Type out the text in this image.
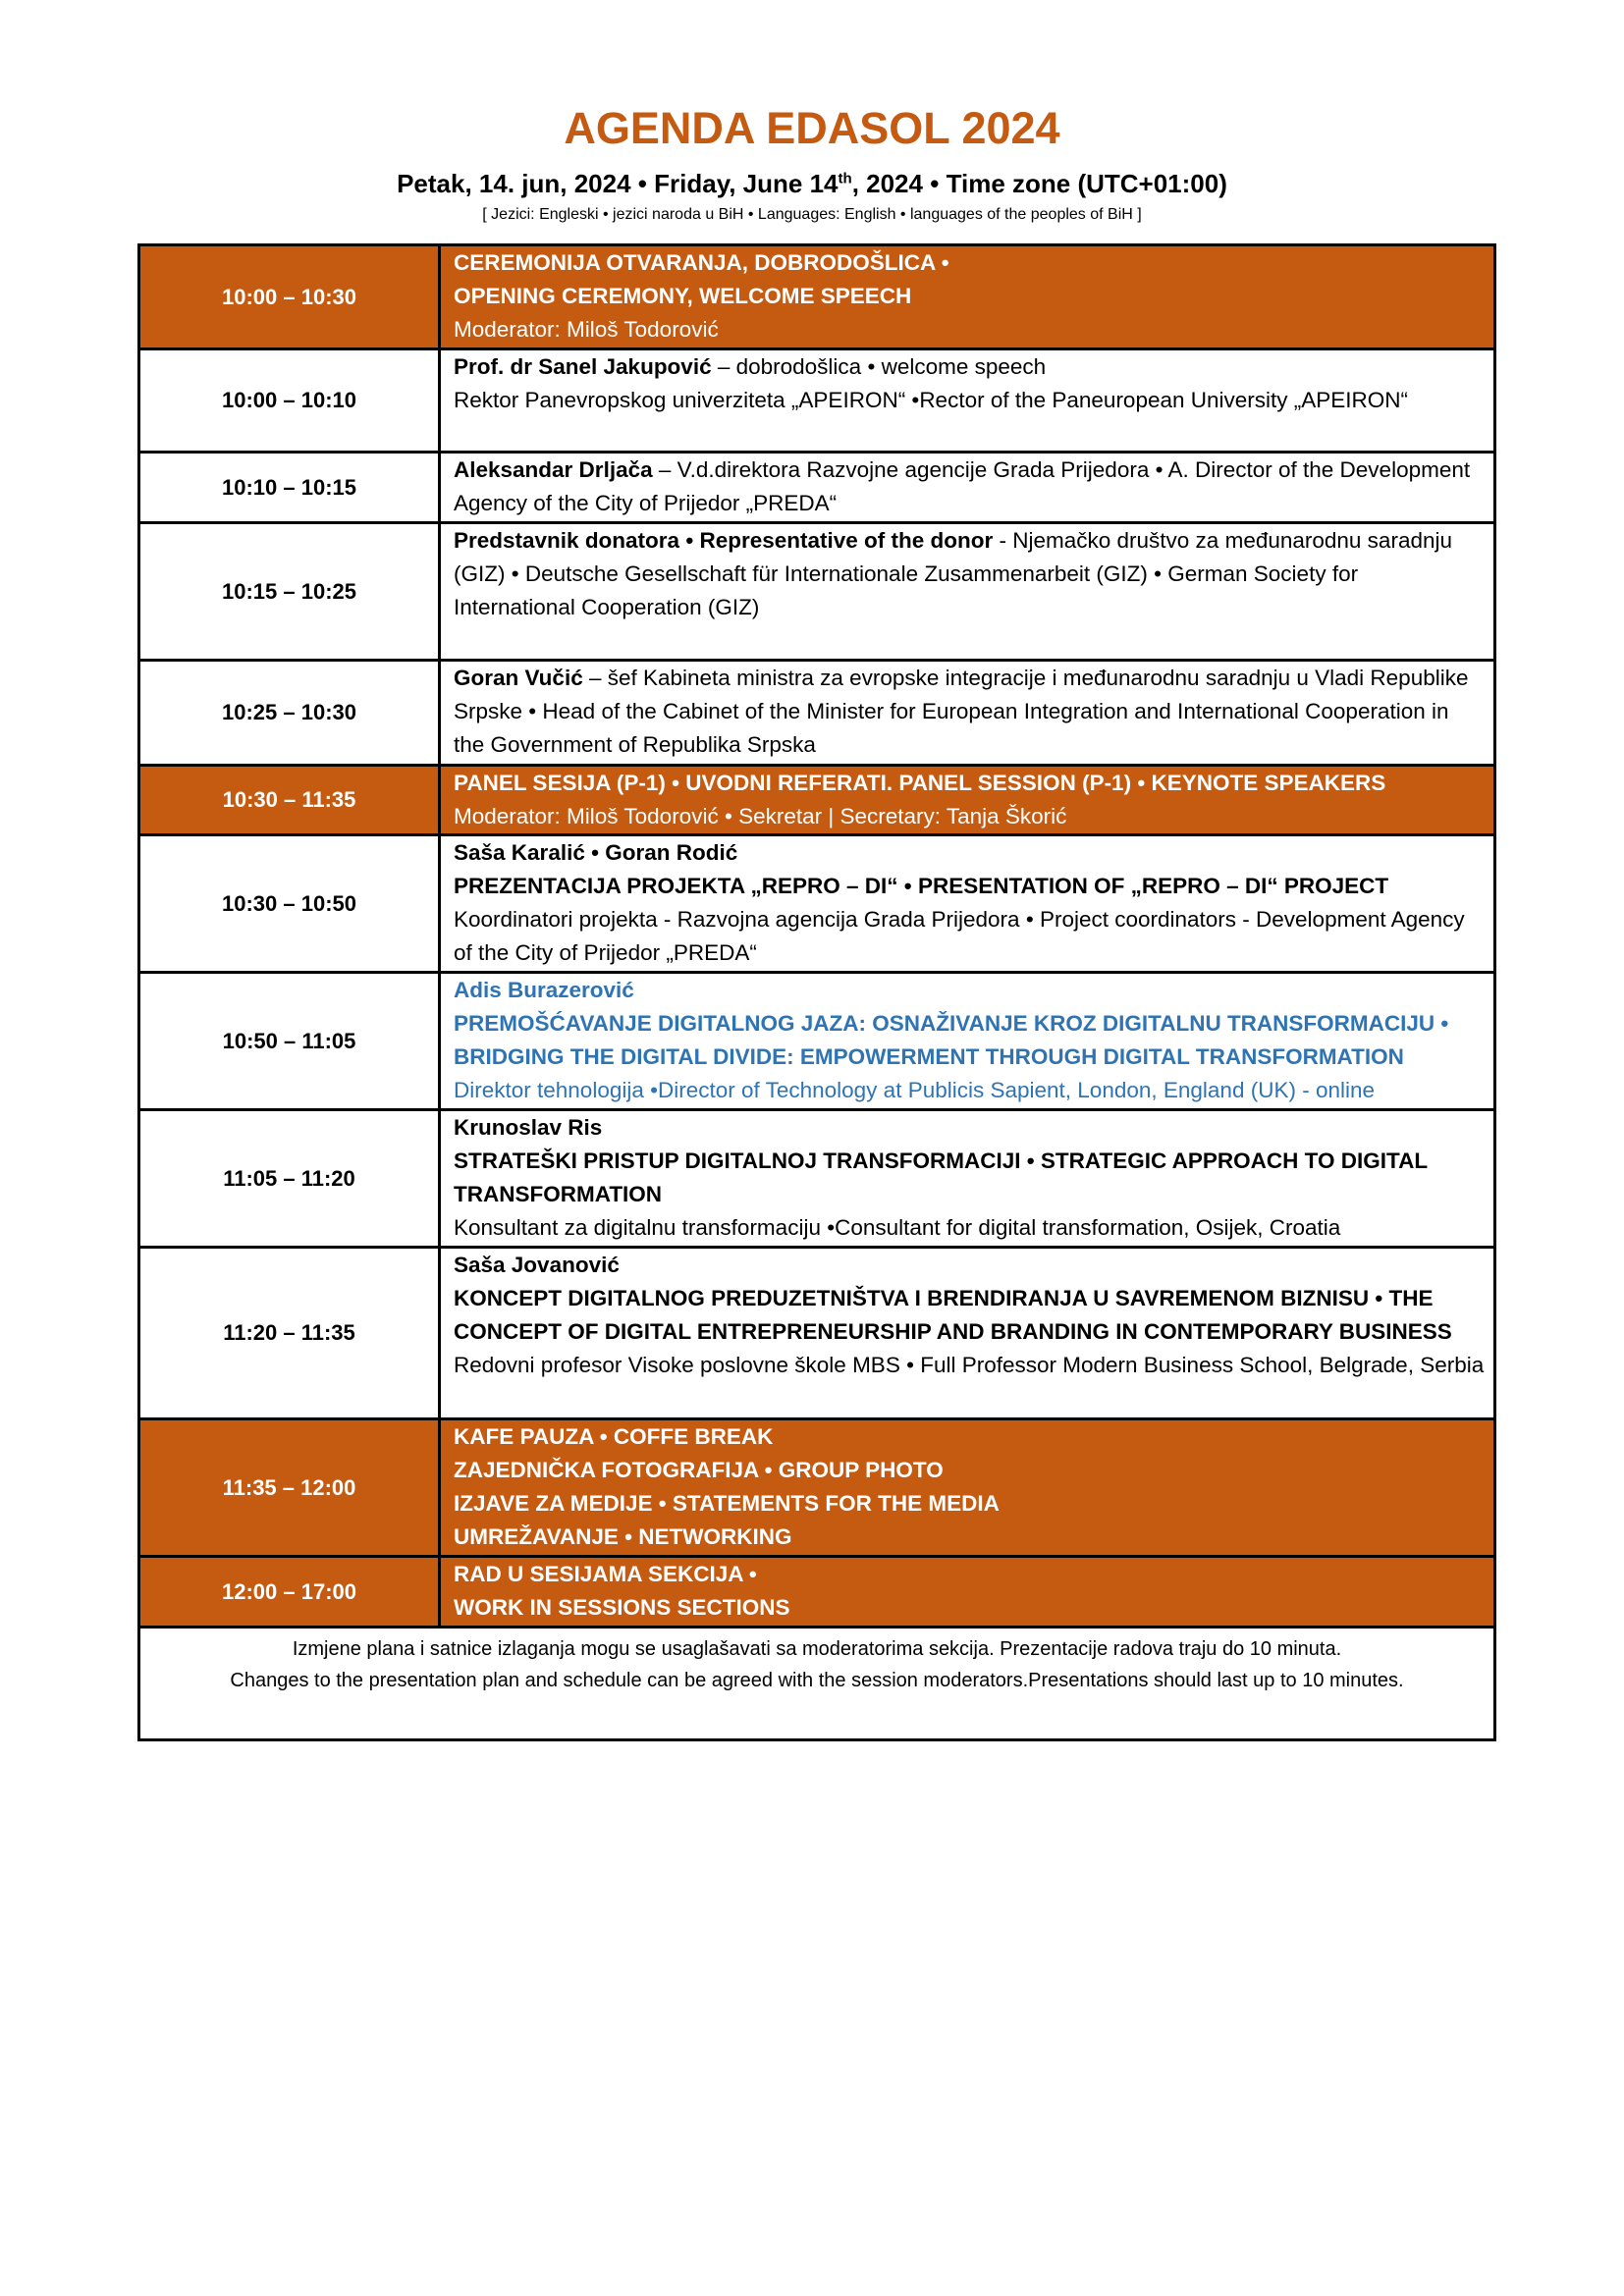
AGENDA EDASOL 2024
Petak, 14. jun, 2024 • Friday, June 14th, 2024 • Time zone (UTC+01:00)
[ Jezici: Engleski • jezici naroda u BiH • Languages: English • languages of the peoples of BiH ]
10:00 – 10:30	CEREMONIJA OTVARANJA, DOBRODOŠLICA •
OPENING CEREMONY, WELCOME SPEECH
Moderator: Miloš Todorović

10:00 – 10:10	Prof. dr Sanel Jakupović – dobrodošlica • welcome speech
Rektor Panevropskog univerziteta „APEIRON“ •Rector of the Paneuropean University „APEIRON“

10:10 – 10:15	Aleksandar Drljača – V.d.direktora Razvojne agencije Grada Prijedora • A. Director of the Development Agency of the City of Prijedor „PREDA“

10:15 – 10:25	Predstavnik donatora • Representative of the donor - Njemačko društvo za međunarodnu saradnju (GIZ) • Deutsche Gesellschaft für Internationale Zusammenarbeit (GIZ) • German Society for International Cooperation (GIZ)

10:25 – 10:30	Goran Vučić – šef Kabineta ministra za evropske integracije i međunarodnu saradnju u Vladi Republike Srpske • Head of the Cabinet of the Minister for European Integration and International Cooperation in the Government of Republika Srpska

10:30 – 11:35	PANEL SESIJA (P-1) • UVODNI REFERATI. PANEL SESSION (P-1) • KEYNOTE SPEAKERS
Moderator: Miloš Todorović • Sekretar | Secretary: Tanja Škorić

10:30 – 10:50	Saša Karalić • Goran Rodić
PREZENTACIJA PROJEKTA „REPRO – DI“ • PRESENTATION OF „REPRO – DI“ PROJECT
Koordinatori projekta - Razvojna agencija Grada Prijedora • Project coordinators - Development Agency of the City of Prijedor „PREDA“

10:50 – 11:05	Adis Burazerović
PREMOŠĆAVANJE DIGITALNOG JAZA: OSNAŽIVANJE KROZ DIGITALNU TRANSFORMACIJU • BRIDGING THE DIGITAL DIVIDE: EMPOWERMENT THROUGH DIGITAL TRANSFORMATION
Direktor tehnologija •Director of Technology at Publicis Sapient, London, England (UK) - online

11:05 – 11:20	Krunoslav Ris
STRATEŠKI PRISTUP DIGITALNOJ TRANSFORMACIJI • STRATEGIC APPROACH TO DIGITAL TRANSFORMATION
Konsultant za digitalnu transformaciju •Consultant for digital transformation, Osijek, Croatia

11:20 – 11:35	Saša Jovanović
KONCEPT DIGITALNOG PREDUZETNIŠTVA I BRENDIRANJA U SAVREMENOM BIZNISU • THE CONCEPT OF DIGITAL ENTREPRENEURSHIP AND BRANDING IN CONTEMPORARY BUSINESS
Redovni profesor Visoke poslovne škole MBS • Full Professor Modern Business School, Belgrade, Serbia

11:35 – 12:00	KAFE PAUZA • COFFE BREAK
ZAJEDNIČKA FOTOGRAFIJA • GROUP PHOTO
IZJAVE ZA MEDIJE • STATEMENTS FOR THE MEDIA
UMREŽAVANJE • NETWORKING

12:00 – 17:00	RAD U SESIJAMA SEKCIJA •
WORK IN SESSIONS SECTIONS
Izmjene plana i satnice izlaganja mogu se usaglašavati sa moderatorima sekcija. Prezentacije radova traju do 10 minuta.
Changes to the presentation plan and schedule can be agreed with the session moderators.Presentations should last up to 10 minutes.
